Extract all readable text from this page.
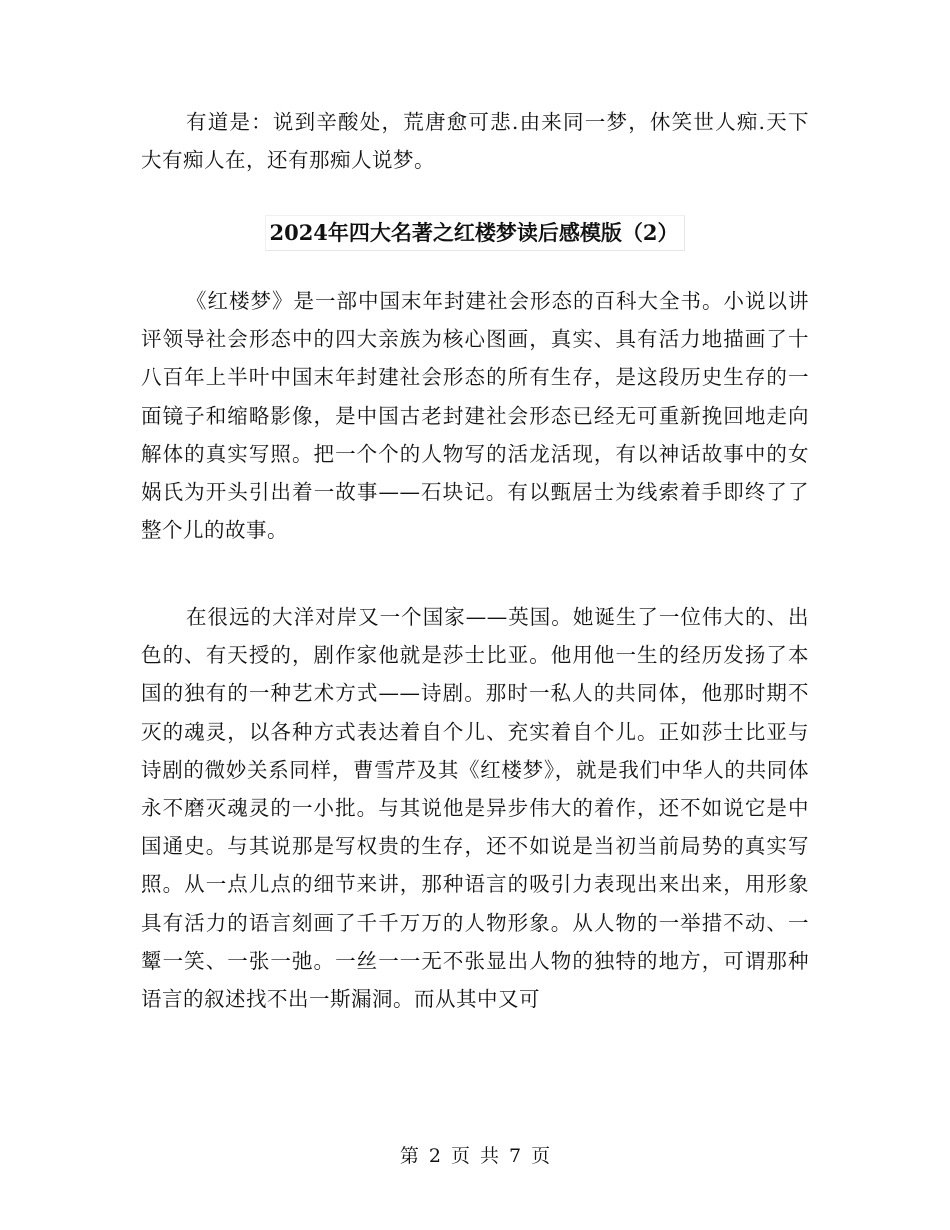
有道是：说到辛酸处，荒唐愈可悲.由来同一梦，休笑世人痴.天下大有痴人在，还有那痴人说梦。

2024年四大名著之红楼梦读后感模版（2）

《红楼梦》是一部中国末年封建社会形态的百科大全书。小说以讲评领导社会形态中的四大亲族为核心图画，真实、具有活力地描画了十八百年上半叶中国末年封建社会形态的所有生存，是这段历史生存的一面镜子和缩略影像，是中国古老封建社会形态已经无可重新挽回地走向解体的真实写照。把一个个的人物写的活龙活现，有以神话故事中的女娲氏为开头引出着一故事——石块记。有以甄居士为线索着手即终了了整个儿的故事。

在很远的大洋对岸又一个国家——英国。她诞生了一位伟大的、出色的、有天授的，剧作家他就是莎士比亚。他用他一生的经历发扬了本国的独有的一种艺术方式——诗剧。那时一私人的共同体，他那时期不灭的魂灵，以各种方式表达着自个儿、充实着自个儿。正如莎士比亚与诗剧的微妙关系同样，曹雪芹及其《红楼梦》，就是我们中华人的共同体永不磨灭魂灵的一小批。与其说他是异步伟大的着作，还不如说它是中国通史。与其说那是写权贵的生存，还不如说是当初当前局势的真实写照。从一点儿点的细节来讲，那种语言的吸引力表现出来出来，用形象具有活力的语言刻画了千千万万的人物形象。从人物的一举措不动、一颦一笑、一张一弛。一丝一一无不张显出人物的独特的地方，可谓那种语言的叙述找不出一斯漏洞。而从其中又可

第 2 页 共 7 页
